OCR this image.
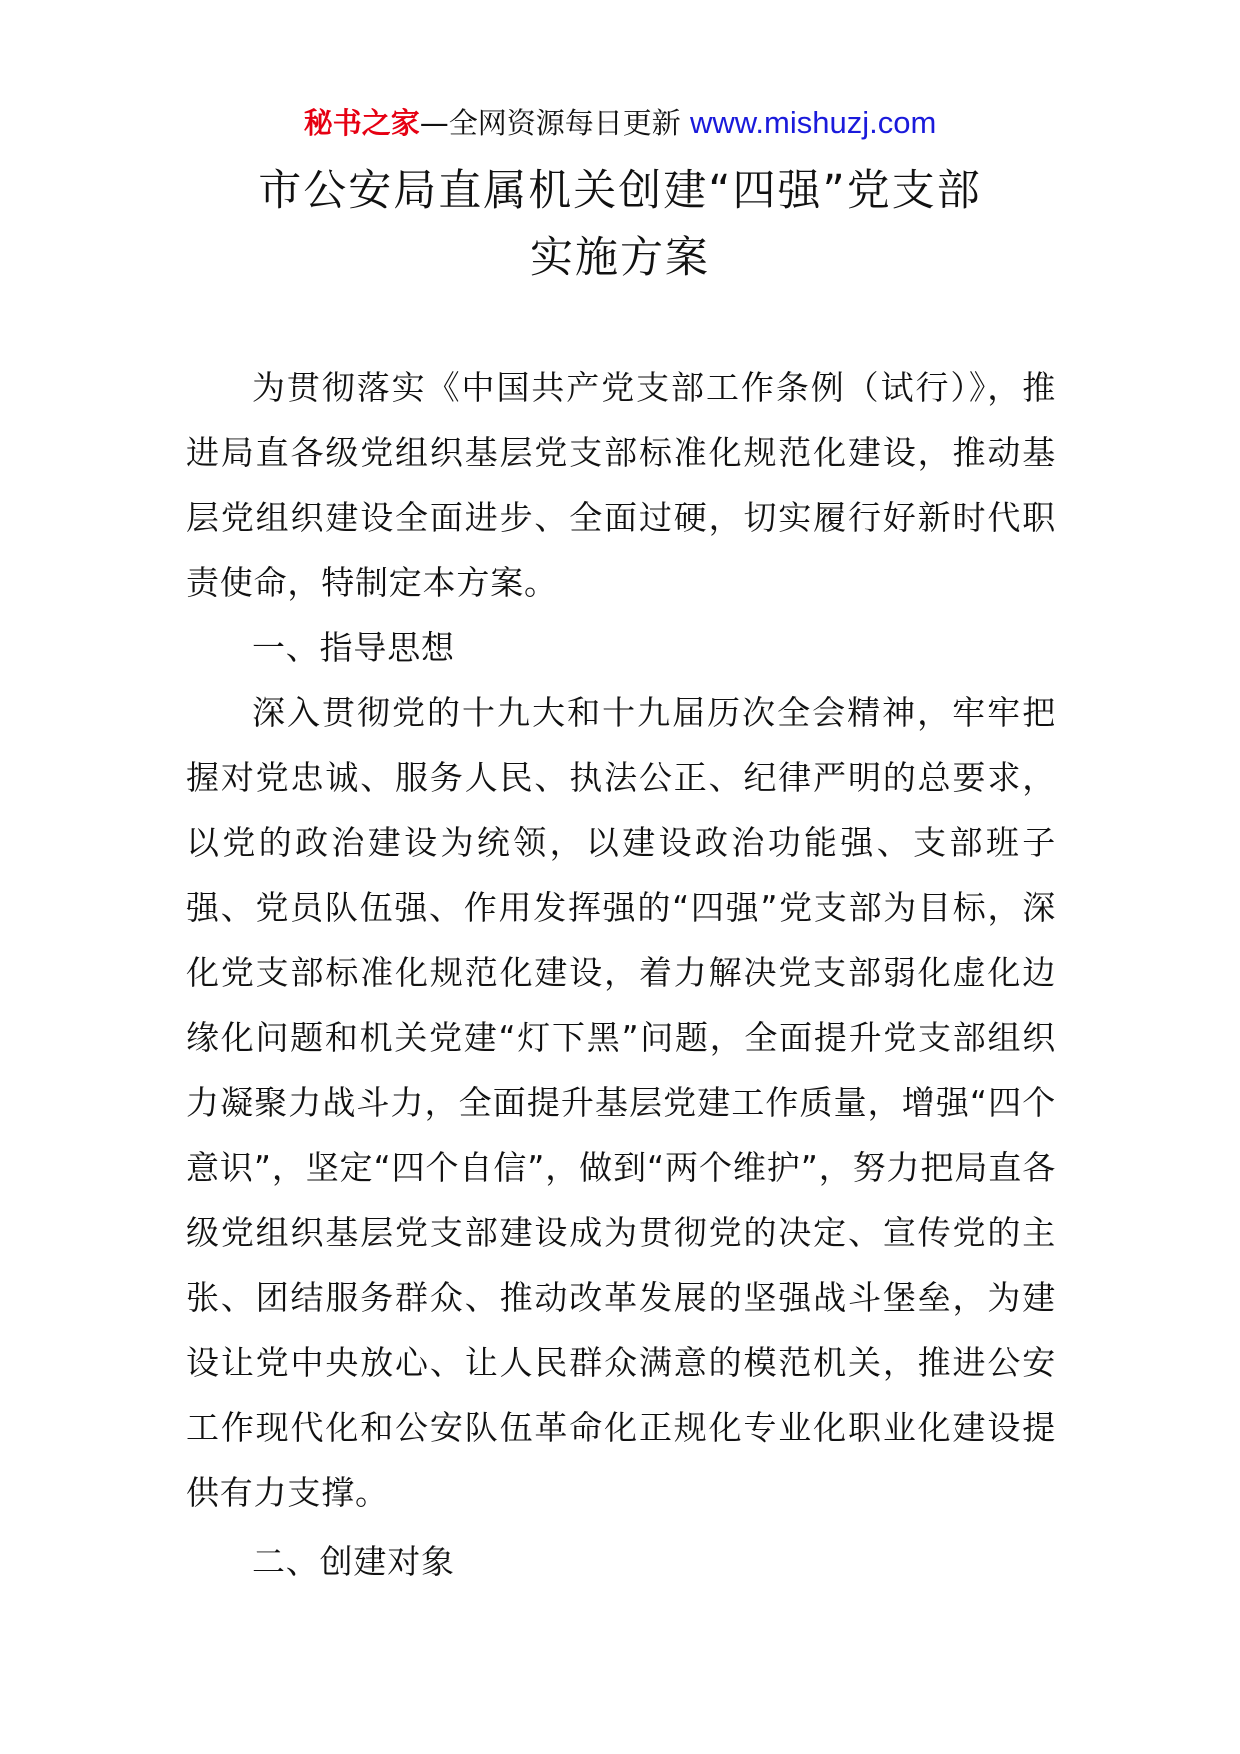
秘书之家—全网资源每日更新 www.mishuzj.com
市公安局直属机关创建“四强”党支部
实施方案

为贯彻落实《中国共产党支部工作条例（试行）》，推进局直各级党组织基层党支部标准化规范化建设，推动基层党组织建设全面进步、全面过硬，切实履行好新时代职责使命，特制定本方案。

一、指导思想

深入贯彻党的十九大和十九届历次全会精神，牢牢把握对党忠诚、服务人民、执法公正、纪律严明的总要求，以党的政治建设为统领，以建设政治功能强、支部班子强、党员队伍强、作用发挥强的“四强”党支部为目标，深化党支部标准化规范化建设，着力解决党支部弱化虚化边缘化问题和机关党建“灯下黑”问题，全面提升党支部组织力凝聚力战斗力，全面提升基层党建工作质量，增强“四个意识”，坚定“四个自信”，做到“两个维护”，努力把局直各级党组织基层党支部建设成为贯彻党的决定、宣传党的主张、团结服务群众、推动改革发展的坚强战斗堡垒，为建设让党中央放心、让人民群众满意的模范机关，推进公安工作现代化和公安队伍革命化正规化专业化职业化建设提供有力支撑。

二、创建对象
